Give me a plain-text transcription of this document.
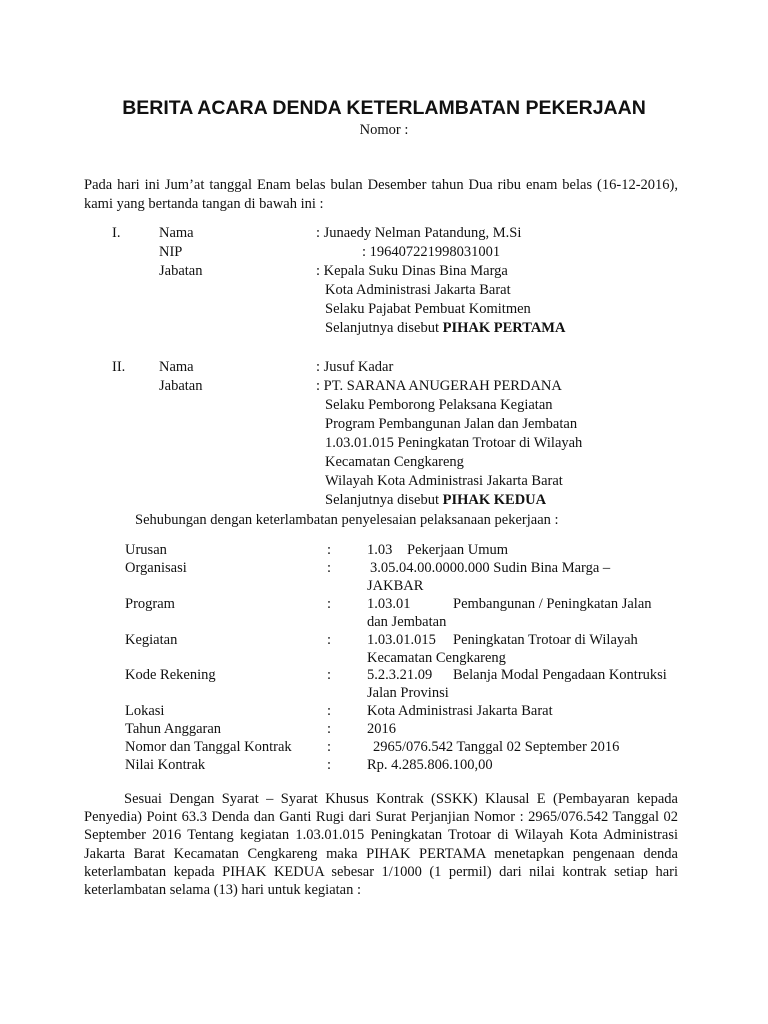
BERITA ACARA DENDA KETERLAMBATAN PEKERJAAN
Nomor :
Pada hari ini Jum’at tanggal Enam belas bulan Desember tahun Dua ribu enam belas (16-12-2016), kami yang bertanda tangan di bawah ini :
I.	Nama	: Junaedy Nelman Patandung, M.Si
NIP	: 196407221998031001
Jabatan	: Kepala Suku Dinas Bina Marga
Kota Administrasi Jakarta Barat
Selaku Pajabat Pembuat Komitmen
Selanjutnya disebut PIHAK PERTAMA
II. Nama	: Jusuf Kadar
Jabatan	: PT. SARANA ANUGERAH PERDANA
Selaku Pemborong Pelaksana Kegiatan
Program Pembangunan Jalan dan Jembatan
1.03.01.015 Peningkatan Trotoar di Wilayah
Kecamatan Cengkareng
Wilayah Kota Administrasi Jakarta Barat
Selanjutnya disebut PIHAK KEDUA
Sehubungan dengan keterlambatan penyelesaian pelaksanaan pekerjaan :
Urusan	: 1.03 Pekerjaan Umum
Organisasi	:	3.05.04.00.0000.000 Sudin Bina Marga –
JAKBAR
Program	: 1.03.01	Pembangunan / Peningkatan Jalan
dan Jembatan
Kegiatan	: 1.03.01.015 Peningkatan Trotoar di Wilayah
Kecamatan Cengkareng
Kode Rekening	: 5.2.3.21.09 Belanja Modal Pengadaan Kontruksi
Jalan Provinsi
Lokasi	: Kota Administrasi Jakarta Barat
Tahun Anggaran	: 2016
Nomor dan Tanggal Kontrak :	2965/076.542 Tanggal 02 September 2016
Nilai Kontrak	: Rp. 4.285.806.100,00
Sesuai Dengan Syarat – Syarat Khusus Kontrak (SSKK) Klausal E (Pembayaran kepada Penyedia) Point 63.3 Denda dan Ganti Rugi dari Surat Perjanjian Nomor : 2965/076.542 Tanggal 02 September 2016 Tentang kegiatan 1.03.01.015 Peningkatan Trotoar di Wilayah Kota Administrasi Jakarta Barat Kecamatan Cengkareng maka PIHAK PERTAMA menetapkan pengenaan denda keterlambatan kepada PIHAK KEDUA sebesar 1/1000 (1 permil) dari nilai kontrak setiap hari keterlambatan selama (13) hari untuk kegiatan :
